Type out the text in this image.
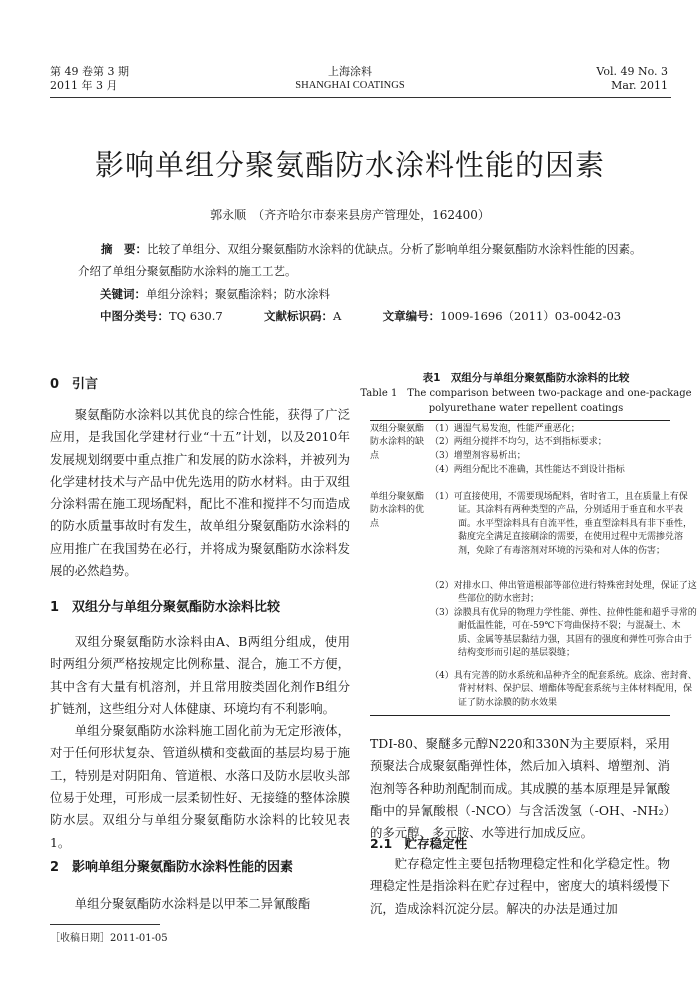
第 49 卷第 3 期
2011 年 3 月
上海涂料
SHANGHAI COATINGS
Vol. 49 No. 3
Mar. 2011
影响单组分聚氨酯防水涂料性能的因素
郭永顺　（齐齐哈尔市泰来县房产管理处，162400）
摘　要：比较了单组分、双组分聚氨酯防水涂料的优缺点。分析了影响单组分聚氨酯防水涂料性能的因素。介绍了单组分聚氨酯防水涂料的施工工艺。
关键词：单组分涂料；聚氨酯涂料；防水涂料
中图分类号：TQ 630.7	文献标识码：A	文章编号：1009-1696（2011）03-0042-03
0　引言

聚氨酯防水涂料以其优良的综合性能，获得了广泛应用，是我国化学建材行业“十五”计划，以及2010年发展规划纲要中重点推广和发展的防水涂料，并被列为化学建材技术与产品中优先选用的防水材料。由于双组分涂料需在施工现场配料，配比不准和搅拌不匀而造成的防水质量事故时有发生，故单组分聚氨酯防水涂料的应用推广在我国势在必行，并将成为聚氨酯防水涂料发展的必然趋势。

1　双组分与单组分聚氨酯防水涂料比较

双组分聚氨酯防水涂料由A、B两组分组成，使用时两组分须严格按规定比例称量、混合，施工不方便，其中含有大量有机溶剂，并且常用胺类固化剂作B组分扩链剂，这些组分对人体健康、环境均有不利影响。

单组分聚氨酯防水涂料施工固化前为无定形液体，对于任何形状复杂、管道纵横和变截面的基层均易于施工，特别是对阴阳角、管道根、水落口及防水层收头部位易于处理，可形成一层柔韧性好、无接缝的整体涂膜防水层。双组分与单组分聚氨酯防水涂料的比较见表1。

2　影响单组分聚氨酯防水涂料性能的因素

单组分聚氨酯防水涂料是以甲苯二异氰酸酯

［收稿日期］2011-01-05
表1　双组分与单组分聚氨酯防水涂料的比较
Table 1　The comparison between two-package and one-package
polyurethane water repellent coatings
双组分聚氨酯防水涂料的缺点
（1）遇湿气易发泡，性能严重恶化；
（2）两组分搅拌不均匀，达不到指标要求；
（3）增塑剂容易析出；
（4）两组分配比不准确，其性能达不到设计指标
单组分聚氨酯防水涂料的优点
（1）可直接使用，不需要现场配料，省时省工，且在质量上有保证。其涂料有两种类型的产品，分别适用于垂直和水平表面。水平型涂料具有自流平性，垂直型涂料具有非下垂性，黏度完全满足直接刷涂的需要，在使用过程中无需掺兑溶剂，免除了有毒溶剂对环境的污染和对人体的伤害；
（2）对排水口、伸出管道根部等部位进行特殊密封处理，保证了这些部位的防水密封；
（3）涂膜具有优异的物理力学性能、弹性、拉伸性能和超乎寻常的耐低温性能，可在-59℃下弯曲保持不裂；与混凝土、木质、金属等基层黏结力强，其固有的强度和弹性可弥合由于结构变形而引起的基层裂缝；
（4）具有完善的防水系统和品种齐全的配套系统。底涂、密封膏、背衬材料、保护层、增酯体等配套系统与主体材料配用，保证了防水涂膜的防水效果

TDI-80、聚醚多元醇N220和330N为主要原料，采用预聚法合成聚氨酯弹性体，然后加入填料、增塑剂、消泡剂等各种助剂配制而成。其成膜的基本原理是异氰酸酯中的异氰酸根（-NCO）与含活泼氢（-OH、-NH₂）的多元醇、多元胺、水等进行加成反应。

2.1　贮存稳定性

贮存稳定性主要包括物理稳定性和化学稳定性。物理稳定性是指涂料在贮存过程中，密度大的填料缓慢下沉，造成涂料沉淀分层。解决的办法是通过加
